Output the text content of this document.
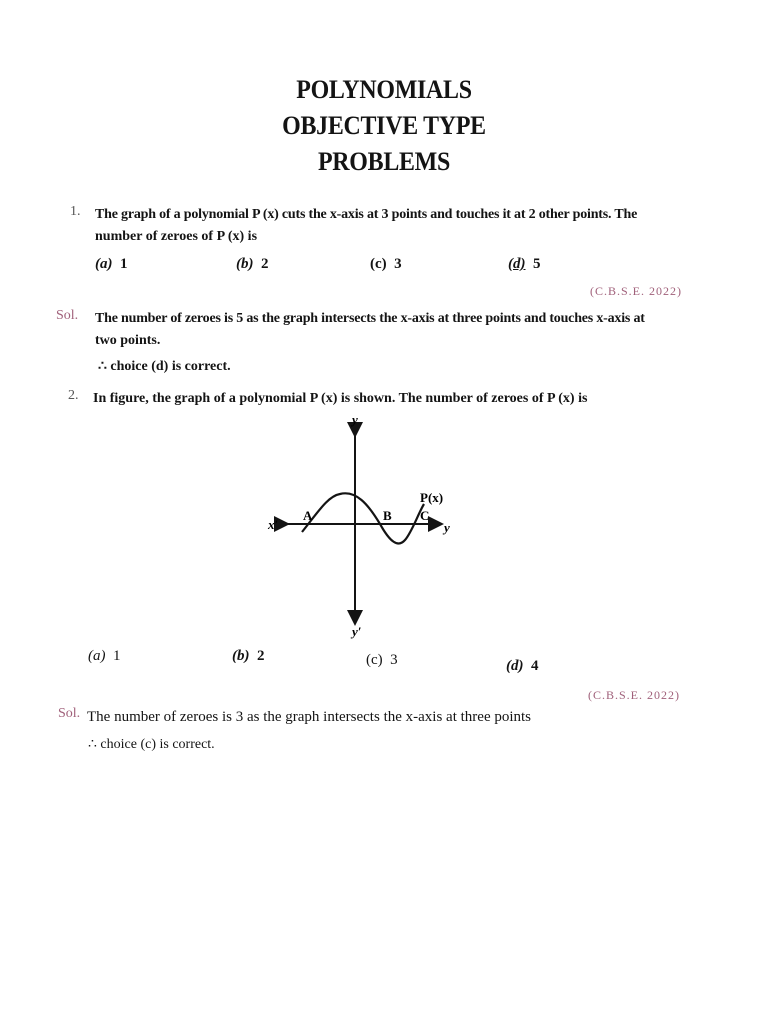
POLYNOMIALS
OBJECTIVE TYPE
PROBLEMS
1. The graph of a polynomial P (x) cuts the x-axis at 3 points and touches it at 2 other points. The
number of zeroes of P (x) is
(a) 1	(b) 2	(c) 3	(d) 5
(C.B.S.E. 2022)
Sol. The number of zeroes is 5 as the graph intersects the x-axis at three points and touches x-axis at
two points.
∴ choice (d) is correct.
2. In figure, the graph of a polynomial P (x) is shown. The number of zeroes of P (x) is
y
y′
x′	y
P(x)
A	B C
(a) 1	(b) 2	(c) 3	(d) 4
(C.B.S.E. 2022)
Sol. The number of zeroes is 3 as the graph intersects the x-axis at three points
∴ choice (c) is correct.
